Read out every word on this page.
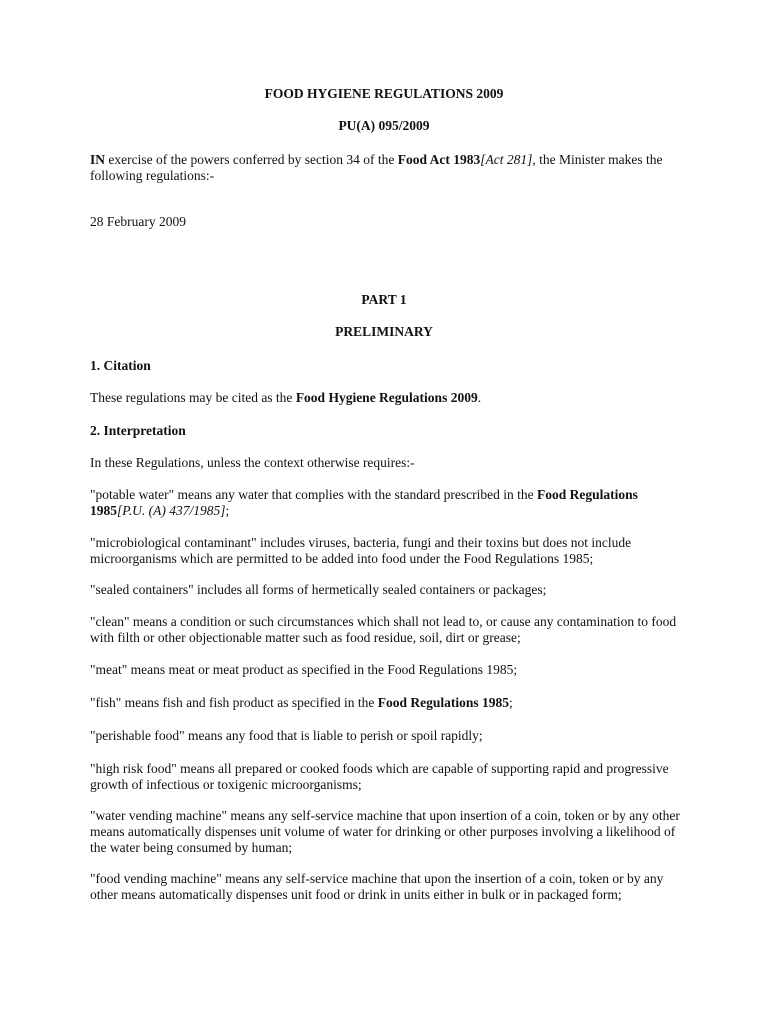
FOOD HYGIENE REGULATIONS 2009

PU(A) 095/2009

IN exercise of the powers conferred by section 34 of the Food Act 1983[Act 281], the Minister makes the following regulations:-

28 February 2009

PART 1

PRELIMINARY

1. Citation

These regulations may be cited as the Food Hygiene Regulations 2009.

2. Interpretation

In these Regulations, unless the context otherwise requires:-

"potable water" means any water that complies with the standard prescribed in the Food Regulations 1985[P.U. (A) 437/1985];

"microbiological contaminant" includes viruses, bacteria, fungi and their toxins but does not include microorganisms which are permitted to be added into food under the Food Regulations 1985;

"sealed containers" includes all forms of hermetically sealed containers or packages;

"clean" means a condition or such circumstances which shall not lead to, or cause any contamination to food with filth or other objectionable matter such as food residue, soil, dirt or grease;

"meat" means meat or meat product as specified in the Food Regulations 1985;

"fish" means fish and fish product as specified in the Food Regulations 1985;

"perishable food" means any food that is liable to perish or spoil rapidly;

"high risk food" means all prepared or cooked foods which are capable of supporting rapid and progressive growth of infectious or toxigenic microorganisms;

"water vending machine" means any self-service machine that upon insertion of a coin, token or by any other means automatically dispenses unit volume of water for drinking or other purposes involving a likelihood of the water being consumed by human;

"food vending machine" means any self-service machine that upon the insertion of a coin, token or by any other means automatically dispenses unit food or drink in units either in bulk or in packaged form;
